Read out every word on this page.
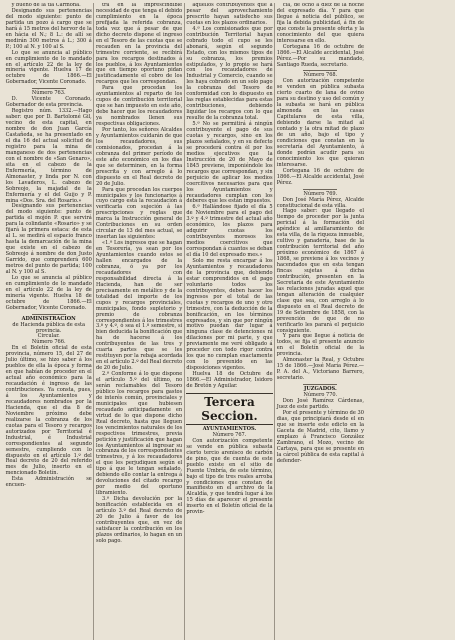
y bueno de la tía Carmona.

Designando sus pertenencias del modo siguiente: punto de partida un pozo á cargo que se hará á 15 metros del hervor de la en hácia el N.; 8 L.: de allí se medirán 300 metros á L.; 300 á P.; 100 al N. y 100 al S.

Lo que se anuncia al público en cumplimiento de lo mandado en el artículo 22 de la ley de minería vigente. Huelva 17 de octubre de 1866.—El Gobernador, Vicente Coronado.

Número 763.

D. Vicente Coronado, Gobernador de esta provincia.

Registro núm. 1332.—Hago saber: que por D. Bartolomé Gil, vecino de esta capital, en nombre de don Juan García Castañeda, se ha presentado en el dia 16 del actual solicitud de registro para la mina de manganeso de dos pertenencias con el nombre de «San Genaro», sita en el cabezo de la Enfermería, término de Almonaster, y linda por N. con los Lavaderos, L. cabezo de Sobreojo, la majadal de la Enfermería y el del Guijo y P. mina «Dos. Sra. del Rosario.»

Designando sus pertenencias del modo siguiente: punto de partida el mojón P. que servirá para la colindante «Rosario» y se fijará la primera estaca: de esta al L. se medirá el espacio franco hasta la demarcación de la mina que existe en el cabezo de Sobreojo á nombre de don Justo Garrido, que comprenderá 600 metros del punto de partida; 100 al N. y 100 al S.

Lo que se anuncia al público en cumplimiento de lo mandado en el artículo 22 de la ley de minería vigente. Huelva 18 de octubre de 1866.—El Gobernador, Vicente Coronado.

ADMINISTRACION

de Hacienda pública de esta provincia.

Circular.

Número 766.

En el Boletín oficial de esta provincia, número 15, del 27 de Julio último, se hizo saber á los pueblos de ella la época y forma en que habían de proceder en el actual año económico para la recaudación é ingreso de las contribuciones. Ya consta, pues, á los Ayuntamientos y recaudadores nombrados por la Hacienda, que el dia 8 de Noviembre próximo debe realizarse la cobranza de los cuotas para el Tesoro y recargos autorizados por Territorial é Industrial, é Industrial correspondientes al segundo semestre, cumpliendo con lo dispuesto en el artículo 1.º del Real decreto de 20 del referido mes de Julio, inserto en el mencionado Boletín.

Esta Administración se encuen-

tra en la imprescindible necesidad de que tenga el debido cumplimiento en la época prefijada la referida cobranza, toda vez que á pesar de que dicho decreto dispone el ingreso en el Tesoro de las cuotas que se recauden en la provincia del trimestre corriente, se recibirá para los recargos destinados á los pueblos, á los Ayuntamientos que en tiempo oportuno pidan justificadamente el cobro de los recargos que les correspondan.

Para que procedan los ayuntamientos al reparto de los cupos de contribución territorial que se han impuesto en este año, debe hacer que los recaudadores ya nombrados llenen sus respectivas obligaciones.

Por tanto, los señores Alcaldes y Ayuntamientos cuidarán de que los recaudadores, sus comisionados, procedan á la cobranza del primer período de este año económico en los dias que se determinen, en la forma prescrita y con arreglo á lo dispuesto en el Real decreto de 20 de Julio.

Para que procedan los cuerpos municipales y los funcionarios á cuyo cargo está la recaudación á verificarla con sujeción á las prescripciones y reglas que marca la Instrucción general de Contribuciones en su orden circular de 13 del mes actual, se insertan las siguientes:

«1.ª Los ingresos que se hagan en Tesorería, ya sean por los Ayuntamientos cuando estos se hallen encargados de la cobranza, ó ya por los recaudadores con responsabilidad directa á la Hacienda, han de ser precisamente en metálico y de la totalidad del importe de los cupos y recargos provinciales, municipales, fondo supletorio y premio de cobranza correspondientes á los trimestres 3.º y 4.º, ó sea el 1.º semestre, si bien deducida la bonificación que ha de hacerse á los contribuyentes de las tres y cuarta partes que se les restituyen por la rebaja acordada en el artículo 2.º del Real decreto de 20 de Julio.

2.ª Conforme á lo que dispone el artículo 5.º del último, no serán reclamables del Tesoro público los recargos para gastos de interés común, provinciales y municipales que hubiesen recaudado anticipadamente en virtud de lo que dispone dicho Real decreto, hasta que lleguen los vencimientos naturales de los respectivos trimestres, previa petición y justificación que hagan los Ayuntamientos al ingresar su cobranza de los correspondientes trimestres, y á los recaudadores el que les perjudiquen según el tipo á que le tengan señalado, debiendo ello contar la entrega á devoluciones del citado recargo por medio del oportuno libramiento.

3.ª Dicha devolución por la bonificación establecida en el artículo 3.º del Real decreto de 20 de Julio á favor de los contribuyentes que, en vez de satisfacer la contribución en los plazos ordinarios, lo hagan en un solo pago.

aquellos contribuyentes que á pesar del aprovechamiento prescrito hayan satisfecho sus cuotas en los plazos ordinarios.

4.ª Los comisionados que por contribución Territorial hayan cobrado todo el cupo se les abonará, según el segundo Estado, con los mismos tipos de su cobranza, los premios estipulados, y lo propio se hará con los recaudadores de Industrial y Comercio, cuando se les haya cobrado en un solo pago la cobranza del Tesoro de conformidad con lo dispuesto en las reglas establecidas para estas contribuciones, debiendo liquidar los recargos con lo que resulte de la cobranza total.

5.ª No se permitirá á ningún contribuyente el pago de sus cuotas y recargos, sino en los plazos señalados, y en su defecto se procederá contra él por los medios ejecutivos que la Instrucción de 20 de Mayo de 1845 previene, imponiéndole los recargos que correspondan, y sin perjuicio de aplicar los medios coercitivos necesarios para que los Ayuntamientos y recaudadores cumplan con los deberes que les están impuestos.

6.ª Hallándose fijado el día 5 de Noviembre para el pago del 3.º y 4.º trimestre del actual año económico, los plazos para adquirir cuotas los contribuyentes morosos los medios coercitivos que correspondan á cuantos se deban el día 10 del expresado mes.»

Solo me resta encargar á los Ayuntamientos y recaudadores de la provincia que, debiendo estar comprendidos en el pago voluntario todos los contribuyentes, deben hacer los ingresos por el total de las cuotas y recargos de uno y otro trimestre, con la deducción de la bonificación, en los términos expresados, y sin que por ningún motivo puedan dar lugar á ninguna clase de detenciones ni dilaciones por mi parte, y que previamente me veré obligado á proceder con todo rigor contra los que no cumplan exactamente con lo prevenido en las disposiciones vigentes.

Huelva 18 de Octubre de 1866.—El Administrador, Isidoro de Bretón y Aguilar.

Tercera Seccion.

AYUNTAMIENTOS.

Número 767.

Con autorización competente se vende en pública subasta cierto tercio arenisco de carbón de pino, que de cuenta de este pueblo existe en el sitio de Fuente Umbría, de este término, bajo el tipo de tres reales arroba y condiciones que constan de manifiesto en el archivo de la Alcaldía, y que tendrá lugar á los 15 días de aparecer el presente inserto en el Boletín oficial de la provin-

cia, de ocho á diez de la noche del expresado día. Y para que llegue á noticia del público, se fija la debida publicidad, á fin de que conste la presente oferta y la conocimiento del que quiera interesarse en ello.

Cortegana 16 de octubre de 1866.—El Alcalde accidental, José Pérez.—Por su mandado, Santiago Rueda, secretario.

Número 768.

Con autorización competente se venden en pública subasta cierto cuarto de lana de ovino para su destino y uso del común y la subasta se hará en pública almoneda en las casas Capitulares de esta villa, debiendo darse la mitad al contado y la otra mitad de plazo de un año, bajo el tipo y condiciones que constan en la secretaría del Ayuntamiento, á donde podrán acudir para su conocimiento los que quieran interesarse.

Cortegana 16 de octubre de 1866.—El Alcalde accidental, José Pérez.

Número 769.

Don José María Pérez, Alcalde constitucional de esta villa.

Hago saber: que llegado el tiempo de proceder por la junta pericial á la formación del apéndice al amillaramiento de esta villa, de la riqueza inmueble, cultivo y ganadería, base de la contribución territorial del año próximo económico de 1867 á 1868, se previene á los vecinos y hacendados que en esta tengan fincas sujetas á dicha contribución, presenten en la Secretaría de este Ayuntamiento las relaciones juradas aquel que tengan alteración de cualquier clase que sea, con arreglo á lo dispuesto en el Real decreto de 19 de Setiembre de 1858, con la prevención de que de no verificarlo les parará el perjuicio consiguiente.

Y para que llegue á noticia de todos, se fija el presente anuncio en el Boletín oficial de la provincia.

Almonaster la Real, y Octubre 15 de 1866.—José María Pérez.—P. A. del A., Victoriano Barrero, secretario.

JUZGADOS.

Número 770.

Don José Ramírez Cárdenas, Juez de este partido.

Por el presente y término de 30 dias, que principiará desde el en que se inserte este edicto en la Gaceta de Madrid, cito, llamo y emplazo á Francisco González Zambrano, el Mozo, vecino de Cartaya, para que se presente en la cárcel pública de esta capital á defender-
